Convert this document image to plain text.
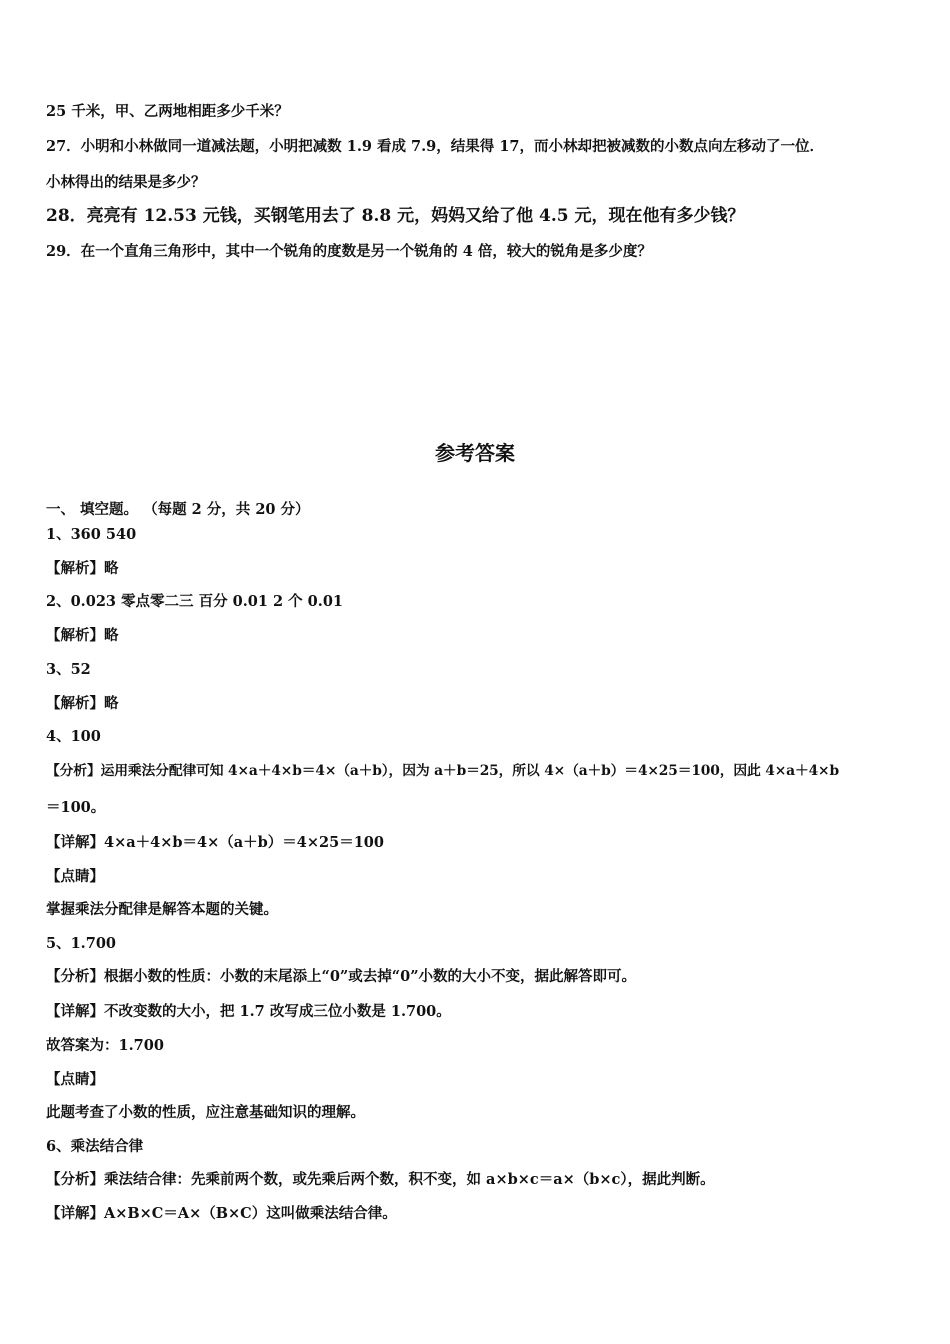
25 千米，甲、乙两地相距多少千米？
27．小明和小林做同一道减法题，小明把减数 1.9 看成 7.9，结果得 17，而小林却把被减数的小数点向左移动了一位．
小林得出的结果是多少？
28．亮亮有 12.53 元钱，买钢笔用去了 8.8 元，妈妈又给了他 4.5 元，现在他有多少钱？
29．在一个直角三角形中，其中一个锐角的度数是另一个锐角的 4 倍，较大的锐角是多少度？
参考答案
一、 填空题。 （每题 2 分，共 20 分）
1、360 540
【解析】略
2、0.023 零点零二三 百分 0.01 2 个 0.01
【解析】略
3、52
【解析】略
4、100
【分析】运用乘法分配律可知 4×a＋4×b＝4×（a＋b），因为 a＋b＝25，所以 4×（a＋b）＝4×25＝100，因此 4×a＋4×b
＝100。
【详解】4×a＋4×b＝4×（a＋b）＝4×25＝100
【点睛】
掌握乘法分配律是解答本题的关键。
5、1.700
【分析】根据小数的性质：小数的末尾添上“0”或去掉“0”小数的大小不变，据此解答即可。
【详解】不改变数的大小，把 1.7 改写成三位小数是 1.700。
故答案为：1.700
【点睛】
此题考查了小数的性质，应注意基础知识的理解。
6、乘法结合律
【分析】乘法结合律：先乘前两个数，或先乘后两个数，积不变，如 a×b×c＝a×（b×c），据此判断。
【详解】A×B×C＝A×（B×C）这叫做乘法结合律。
